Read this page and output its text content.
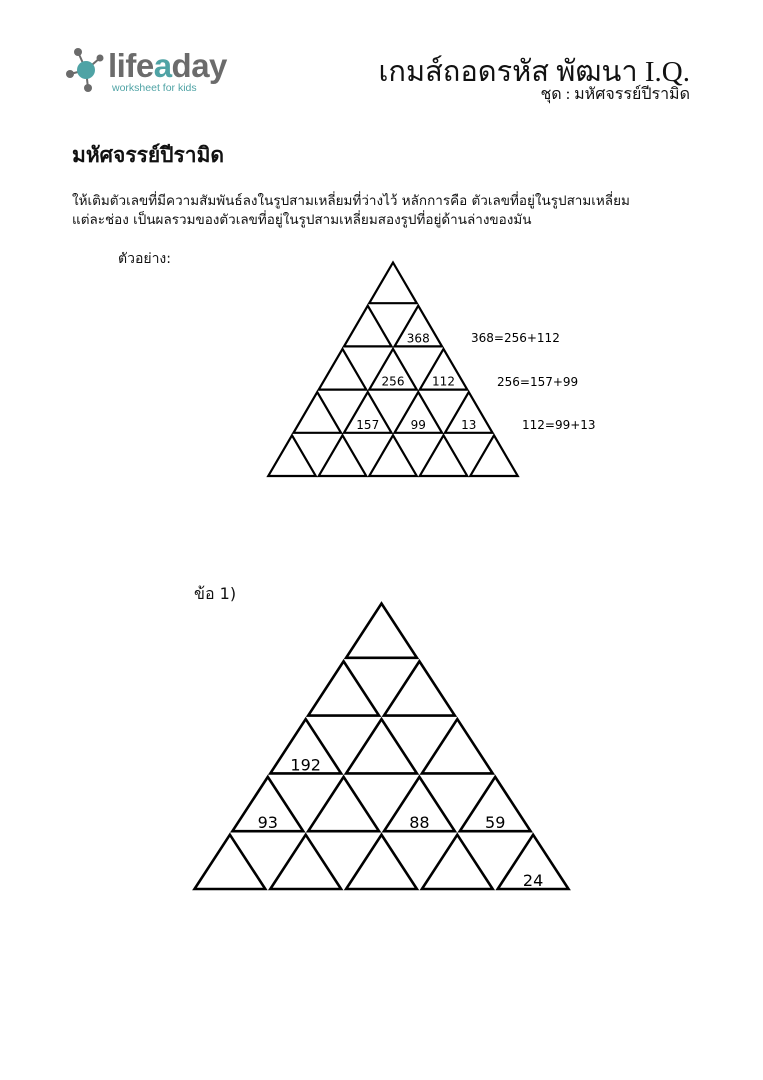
lifeaday
worksheet for kids	เกมส์ถอดรหัส พัฒนา I.Q.
ชุด : มหัศจรรย์ปีรามิด
มหัศจรรย์ปีรามิด

ให้เติมตัวเลขที่มีความสัมพันธ์ลงในรูปสามเหลี่ยมที่ว่างไว้ หลักการคือ ตัวเลขที่อยู่ในรูปสามเหลี่ยม

แต่ละช่อง เป็นผลรวมของตัวเลขที่อยู่ในรูปสามเหลี่ยมสองรูปที่อยู่ด้านล่างของมัน

ตัวอย่าง:
ข้อ 1)
157	99	13
256 112
368	368=256+112
256=157+99
112=99+13
24
93	88	59
192
